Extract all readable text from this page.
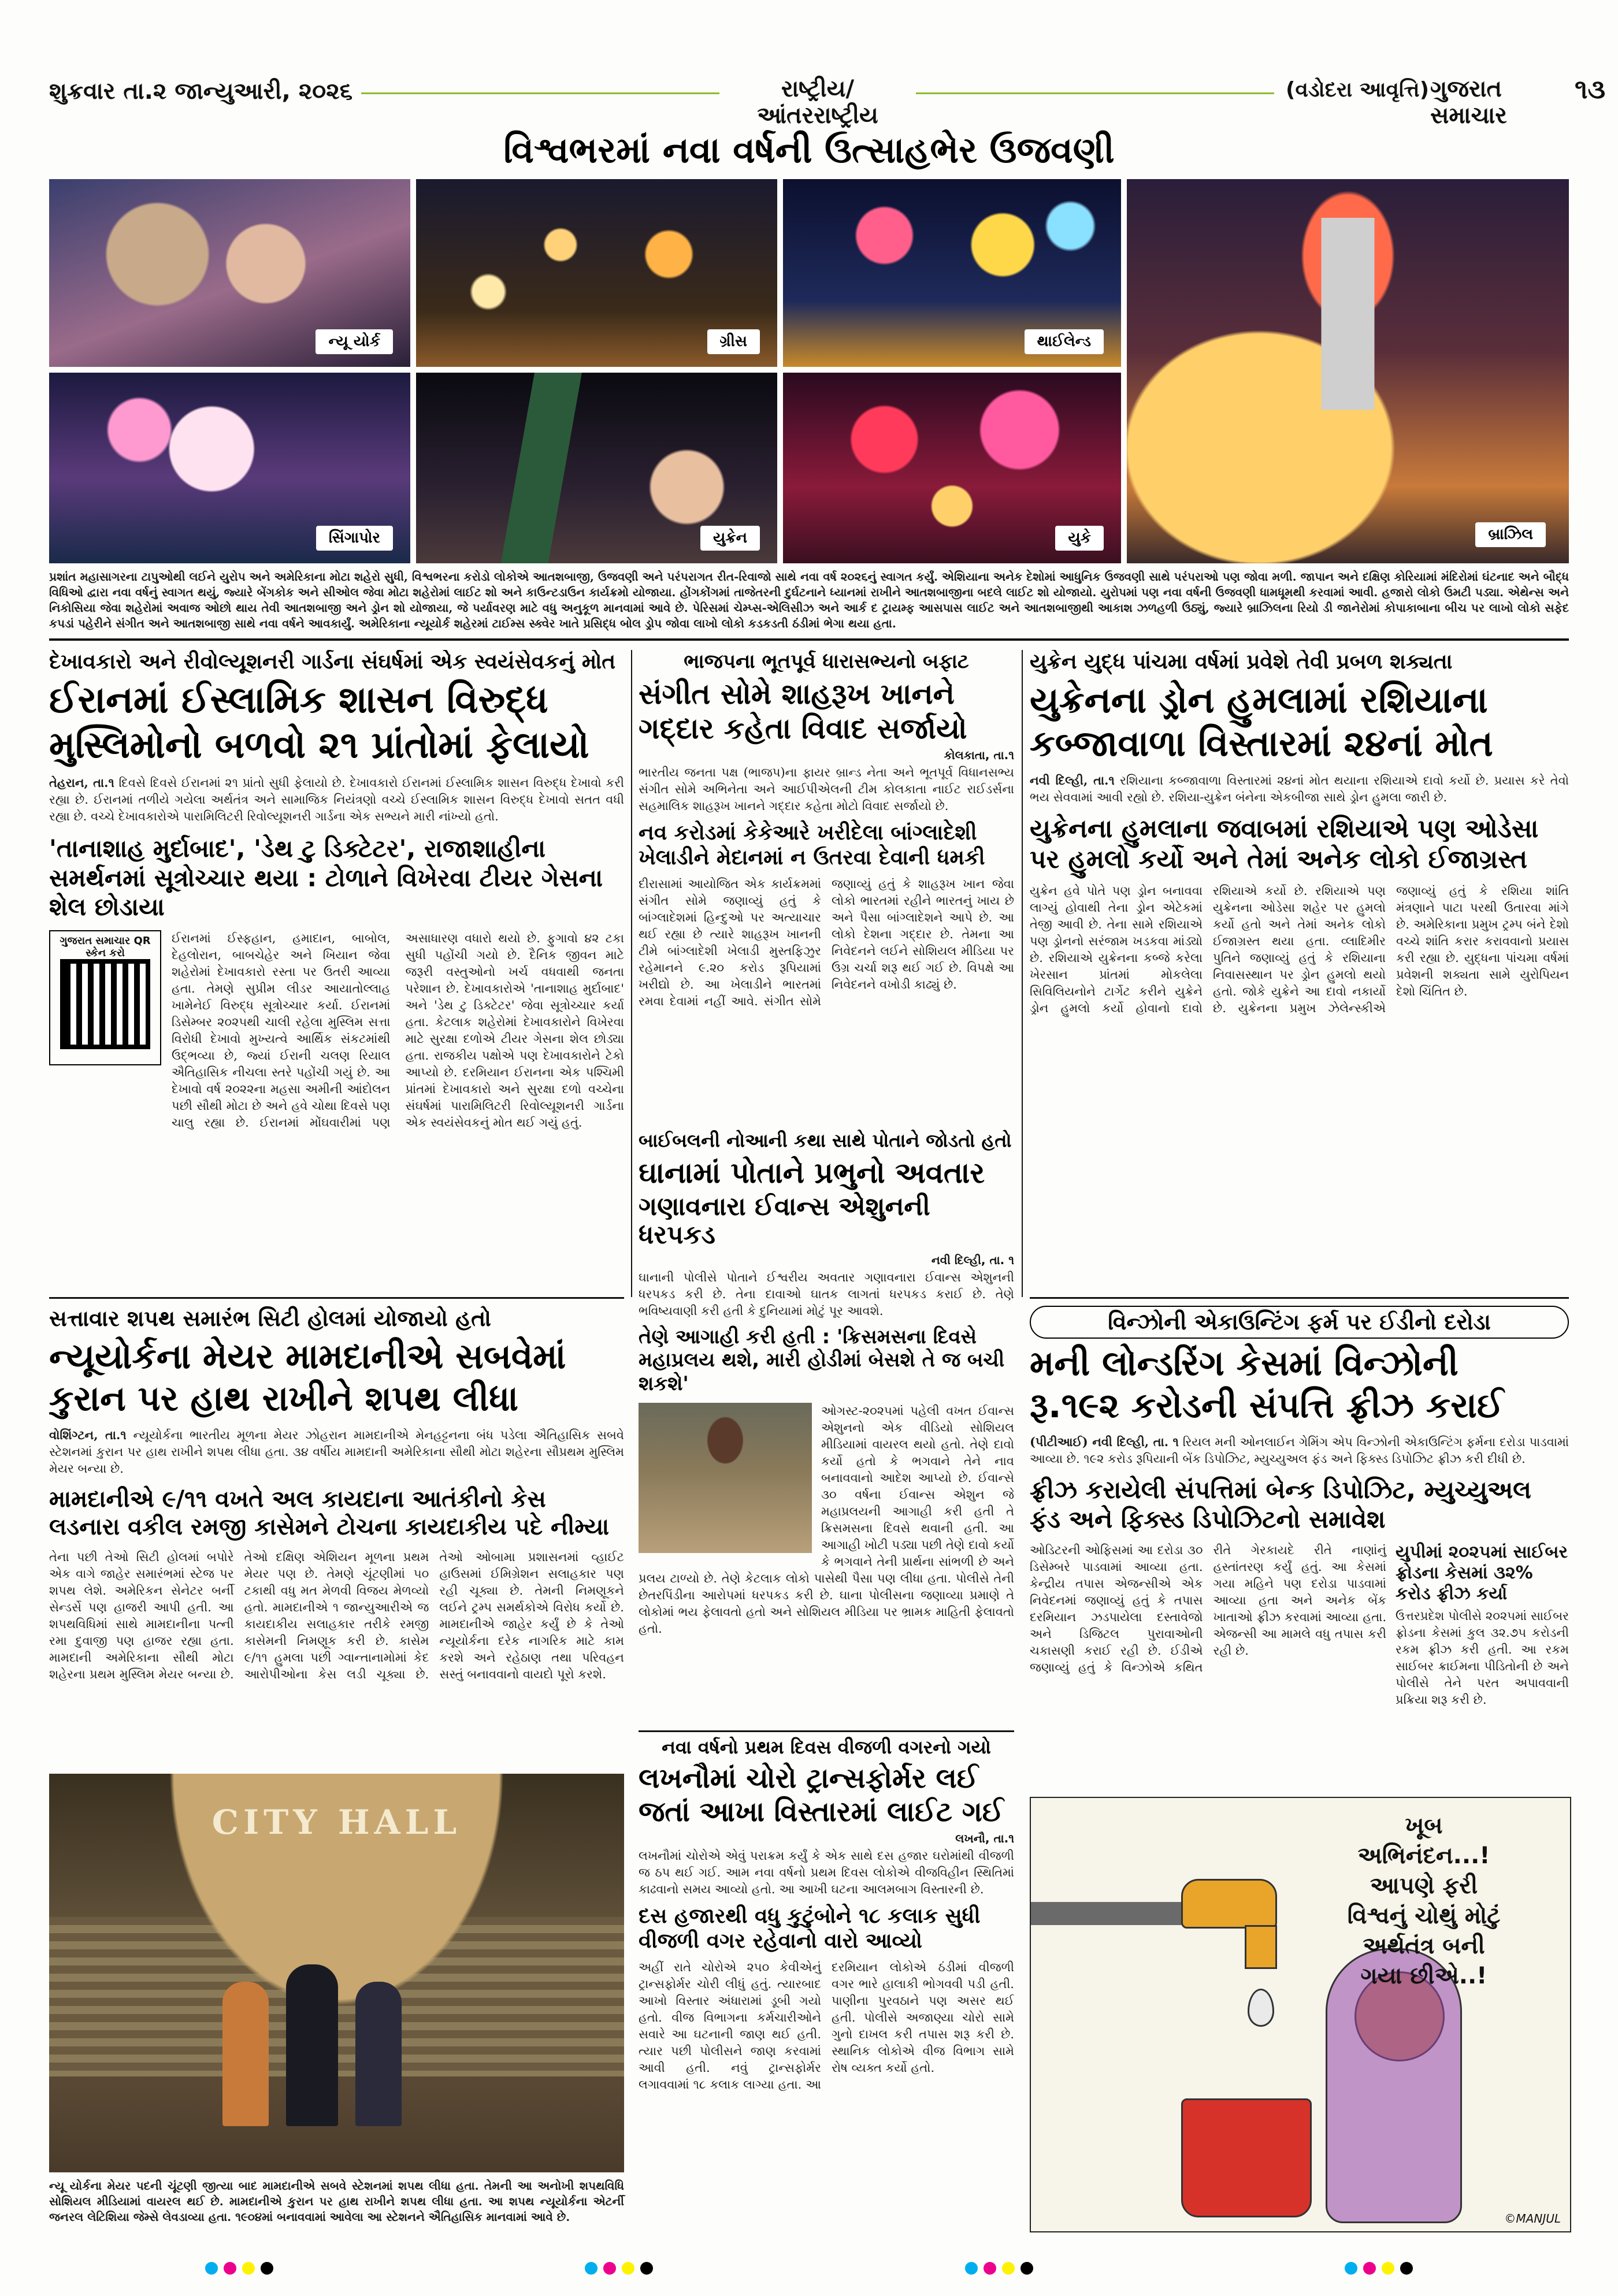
શુક્રવાર તા.૨ જાન્યુઆરી, ૨૦૨૬	રાષ્ટ્રીય/આંતરરાષ્ટ્રીય
(વડોદરા આવૃત્તિ) ગુજરાત સમાચાર
૧૩
વિશ્વભરમાં નવા વર્ષની ઉત્સાહભેર ઉજવણી
ન્યૂ યોર્ક	ગ્રીસ	થાઈલેન્ડ
બ્રાઝિલ
સિંગાપોર	યુક્રેન	યુકે

પ્રશાંત મહાસાગરના ટાપુઓથી લઈને યુરોપ અને અમેરિકાના મોટા શહેરો સુધી, વિશ્વભરના કરોડો લોકોએ આતશબાજી, ઉજવણી અને પરંપરાગત રીત-રિવાજો સાથે નવા વર્ષ ૨૦૨૬નું સ્વાગત કર્યું. એશિયાના અનેક દેશોમાં આધુનિક ઉજવણી સાથે પરંપરાઓ પણ જોવા મળી. જાપાન અને દક્ષિણ કોરિયામાં મંદિરોમાં ઘંટનાદ અને બૌદ્ધ વિધિઓ દ્વારા નવા વર્ષનું સ્વાગત થયું, જ્યારે બેંગકોક અને સીઓલ જેવા મોટા શહેરોમાં લાઈટ શો અને કાઉન્ટડાઉન કાર્યક્રમો યોજાયા. હોંગકોંગમાં તાજેતરની દુર્ઘટનાને ધ્યાનમાં રાખીને આતશબાજીના બદલે લાઈટ શો યોજાયો. યુરોપમાં પણ નવા વર્ષની ઉજવણી ધામધૂમથી કરવામાં આવી. હજારો લોકો ઉમટી પડ્યા. એથેન્સ અને નિકોસિયા જેવા શહેરોમાં અવાજ ઓછો થાય તેવી આતશબાજી અને ડ્રોન શો યોજાયા, જે પર્યાવરણ માટે વધુ અનુકૂળ માનવામાં આવે છે. પેરિસમાં ચેમ્પ્સ-એલિસીઝ અને આર્ક દ ટ્રાયમ્ફ આસપાસ લાઈટ અને આતશબાજીથી આકાશ ઝળહળી ઉઠ્યું, જ્યારે બ્રાઝિલના રિયો ડી જાનેરોમાં કોપાકાબાના બીચ પર લાખો લોકો સફેદ કપડાં પહેરીને સંગીત અને આતશબાજી સાથે નવા વર્ષને આવકાર્યું. અમેરિકાના ન્યૂયોર્ક શહેરમાં ટાઈમ્સ સ્ક્વેર ખાતે પ્રસિદ્ધ બોલ ડ્રોપ જોવા લાખો લોકો કડકડતી ઠંડીમાં ભેગા થયા હતા.

દેખાવકારો અને રીવોલ્યૂશનરી ગાર્ડના સંઘર્ષમાં એક સ્વયંસેવકનું મોત
ઈરાનમાં ઈસ્લામિક શાસન વિરુદ્ધ
મુસ્લિમોનો બળવો ૨૧ પ્રાંતોમાં ફેલાયો

તેહરાન, તા.૧ દિવસે દિવસે ઈરાનમાં ૨૧ પ્રાંતો સુધી ફેલાયો છે. દેખાવકારો ઈરાનમાં ઈસ્લામિક શાસન વિરુદ્ધ દેખાવો કરી રહ્યા છે. ઈરાનમાં તળીયે ગયેલા અર્થતંત્ર અને સામાજિક નિયંત્રણો વચ્ચે ઈસ્લામિક શાસન વિરુદ્ધ દેખાવો સતત વધી રહ્યા છે. વચ્ચે દેખાવકારોએ પારામિલિટરી રિવોલ્યૂશનરી ગાર્ડના એક સભ્યને મારી નાંખ્યો હતો.

'તાનાશાહ મુર્દાબાદ', 'ડેથ ટુ ડિક્ટેટર', રાજાશાહીના સમર્થનમાં સૂત્રોચ્ચાર થયા : ટોળાને વિખેરવા ટીયર ગેસના શેલ છોડાયા
ગુજરાત સમાચાર QR સ્કેન કરો

ઈરાનમાં ઈસ્ફહાન, હમાદાન, બાબોલ, દેહલોરાન, બાબચેહેર અને ખિયાન જેવા શહેરોમાં દેખાવકારો રસ્તા પર ઉતરી આવ્યા હતા. તેમણે સુપ્રીમ લીડર આયાતોલ્લાહ ખામેનેઈ વિરુદ્ધ સૂત્રોચ્ચાર કર્યા. ઈરાનમાં ડિસેમ્બર ૨૦૨૫થી ચાલી રહેલા મુસ્લિમ સત્તા વિરોધી દેખાવો મુખ્યત્વે આર્થિક સંકટમાંથી ઉદ્ભવ્યા છે, જ્યાં ઈરાની ચલણ રિયાલ ઐતિહાસિક નીચલા સ્તરે પહોંચી ગયું છે. આ દેખાવો વર્ષ ૨૦૨૨ના મહસા અમીની આંદોલન પછી સૌથી મોટા છે અને હવે ચોથા દિવસે પણ ચાલુ રહ્યા છે. ઈરાનમાં મોંઘવારીમાં પણ અસાધારણ વધારો થયો છે. ફુગાવો ૪૨ ટકા સુધી પહોંચી ગયો છે. દૈનિક જીવન માટે જરૂરી વસ્તુઓનો ખર્ચ વધવાથી જનતા પરેશાન છે. દેખાવકારોએ 'તાનાશાહ મુર્દાબાદ' અને 'ડેથ ટુ ડિક્ટેટર' જેવા સૂત્રોચ્ચાર કર્યા હતા. કેટલાક શહેરોમાં દેખાવકારોને વિખેરવા માટે સુરક્ષા દળોએ ટીયર ગેસના શેલ છોડ્યા હતા. રાજકીય પક્ષોએ પણ દેખાવકારોને ટેકો આપ્યો છે. દરમિયાન ઈરાનના એક પશ્ચિમી પ્રાંતમાં દેખાવકારો અને સુરક્ષા દળો વચ્ચેના સંઘર્ષમાં પારામિલિટરી રિવોલ્યૂશનરી ગાર્ડના એક સ્વયંસેવકનું મોત થઈ ગયું હતું.

ભાજપના ભૂતપૂર્વ ધારાસભ્યનો બફાટ
સંગીત સોમે શાહરૂખ ખાનને
ગદ્દાર કહેતા વિવાદ સર્જાયો
કોલકાતા, તા.૧

ભારતીય જનતા પક્ષ (ભાજપ)ના ફાયર બ્રાન્ડ નેતા અને ભૂતપૂર્વ વિધાનસભ્ય સંગીત સોમે અભિનેતા અને આઈપીએલની ટીમ કોલકાતા નાઈટ રાઈડર્સના સહમાલિક શાહરૂખ ખાનને ગદ્દાર કહેતા મોટો વિવાદ સર્જાયો છે.

નવ કરોડમાં કેકેઆરે ખરીદેલા બાંગ્લાદેશી ખેલાડીને મેદાનમાં ન ઉતરવા દેવાની ધમકી

દીરાસામાં આયોજિત એક કાર્યક્રમમાં સંગીત સોમે જણાવ્યું હતું કે બાંગ્લાદેશમાં હિન્દુઓ પર અત્યાચાર થઈ રહ્યા છે ત્યારે શાહરૂખ ખાનની ટીમે બાંગ્લાદેશી ખેલાડી મુસ્તફિઝુર રહેમાનને ૯.૨૦ કરોડ રૂપિયામાં ખરીદ્યો છે. આ ખેલાડીને ભારતમાં રમવા દેવામાં નહીં આવે. સંગીત સોમે જણાવ્યું હતું કે શાહરૂખ ખાન જેવા લોકો ભારતમાં રહીને ભારતનું ખાય છે અને પૈસા બાંગ્લાદેશને આપે છે. આ લોકો દેશના ગદ્દાર છે. તેમના આ નિવેદનને લઈને સોશિયલ મીડિયા પર ઉગ્ર ચર્ચા શરૂ થઈ ગઈ છે. વિપક્ષે આ નિવેદનને વખોડી કાઢ્યું છે.

યુક્રેન યુદ્ધ પાંચમા વર્ષમાં પ્રવેશે તેવી પ્રબળ શક્યતા
યુક્રેનના ડ્રોન હુમલામાં રશિયાના
કબ્જાવાળા વિસ્તારમાં ૨૪નાં મોત

નવી દિલ્હી, તા.૧ રશિયાના કબ્જાવાળા વિસ્તારમાં ૨૪નાં મોત થયાના રશિયાએ દાવો કર્યો છે. પ્રયાસ કરે તેવો ભય સેવવામાં આવી રહ્યો છે. રશિયા-યુક્રેન બંનેના એકબીજા સાથે ડ્રોન હુમલા જારી છે.

યુક્રેનના હુમલાના જવાબમાં રશિયાએ પણ ઓડેસા પર હુમલો કર્યો અને તેમાં અનેક લોકો ઈજાગ્રસ્ત

યુક્રેન હવે પોતે પણ ડ્રોન બનાવવા લાગ્યું હોવાથી તેના ડ્રોન એટેકમાં તેજી આવી છે. તેના સામે રશિયાએ પણ ડ્રોનનો સરંજામ ખડકવા માંડ્યો છે. રશિયાએ યુક્રેનના કબ્જે કરેલા ખેરસાન પ્રાંતમાં મોકલેલા સિવિલિયનોને ટાર્ગેટ કરીને યુક્રેને ડ્રોન હુમલો કર્યો હોવાનો દાવો રશિયાએ કર્યો છે. રશિયાએ પણ યુક્રેનના ઓડેસા શહેર પર હુમલો કર્યો હતો અને તેમાં અનેક લોકો ઈજાગ્રસ્ત થયા હતા. વ્લાદિમીર પુતિને જણાવ્યું હતું કે રશિયાના નિવાસસ્થાન પર ડ્રોન હુમલો થયો હતો. જોકે યુક્રેને આ દાવો નકાર્યો છે. યુક્રેનના પ્રમુખ ઝેલેન્સ્કીએ જણાવ્યું હતું કે રશિયા શાંતિ મંત્રણાને પાટા પરથી ઉતારવા માંગે છે. અમેરિકાના પ્રમુખ ટ્રમ્પ બંને દેશો વચ્ચે શાંતિ કરાર કરાવવાનો પ્રયાસ કરી રહ્યા છે. યુદ્ધના પાંચમા વર્ષમાં પ્રવેશની શક્યતા સામે યુરોપિયન દેશો ચિંતિત છે.

બાઈબલની નોઆની કથા સાથે પોતાને જોડતો હતો
ઘાનામાં પોતાને પ્રભુનો અવતાર
ગણાવનારા ઈવાન્સ એશુનની ધરપકડ
નવી દિલ્હી, તા. ૧

ઘાનાની પોલીસે પોતાને ઈશ્વરીય અવતાર ગણાવનારા ઈવાન્સ એશુનની ધરપકડ કરી છે. તેના દાવાઓ ઘાતક લાગતાં ધરપકડ કરાઈ છે. તેણે ભવિષ્યવાણી કરી હતી કે દુનિયામાં મોટું પૂર આવશે.

તેણે આગાહી કરી હતી : 'ક્રિસમસના દિવસે મહાપ્રલય થશે, મારી હોડીમાં બેસશે તે જ બચી શકશે'

ઓગસ્ટ-૨૦૨૫માં પહેલી વખત ઈવાન્સ એશુનનો એક વીડિયો સોશિયલ મીડિયામાં વાયરલ થયો હતો. તેણે દાવો કર્યો હતો કે ભગવાને તેને નાવ બનાવવાનો આદેશ આપ્યો છે. ઈવાન્સે ૩૦ વર્ષના ઈવાન્સ એશુન જે મહાપ્રલયની આગાહી કરી હતી તે ક્રિસમસના દિવસે થવાની હતી. આ આગાહી ખોટી પડ્યા પછી તેણે દાવો કર્યો કે ભગવાને તેની પ્રાર્થના સાંભળી છે અને પ્રલય ટાળ્યો છે. તેણે કેટલાક લોકો પાસેથી પૈસા પણ લીધા હતા. પોલીસે તેની છેતરપિંડીના આરોપમાં ધરપકડ કરી છે. ઘાના પોલીસના જણાવ્યા પ્રમાણે તે લોકોમાં ભય ફેલાવતો હતો અને સોશિયલ મીડિયા પર ભ્રામક માહિતી ફેલાવતો હતો.

સત્તાવાર શપથ સમારંભ સિટી હોલમાં યોજાયો હતો
ન્યૂયોર્કના મેયર મામદાનીએ સબવેમાં
કુરાન પર હાથ રાખીને શપથ લીધા

વોશિંગ્ટન, તા.૧ ન્યૂયોર્કના ભારતીય મૂળના મેયર ઝોહરાન મામદાનીએ મેનહટ્ટનના બંધ પડેલા ઐતિહાસિક સબવે સ્ટેશનમાં કુરાન પર હાથ રાખીને શપથ લીધા હતા. ૩૪ વર્ષીય મામદાની અમેરિકાના સૌથી મોટા શહેરના સૌપ્રથમ મુસ્લિમ મેયર બન્યા છે.

મામદાનીએ ૯/૧૧ વખતે અલ કાયદાના આતંકીનો કેસ લડનારા વકીલ રમજી કાસેમને ટોચના કાયદાકીય પદે નીમ્યા

તેના પછી તેઓ સિટી હોલમાં બપોરે એક વાગે જાહેર સમારંભમાં સ્ટેજ પર શપથ લેશે. અમેરિકન સેનેટર બર્ની સેન્ડર્સે પણ હાજરી આપી હતી. આ શપથવિધિમાં સાથે મામદાનીના પત્ની રમા દુવાજી પણ હાજર રહ્યા હતા. મામદાની અમેરિકાના સૌથી મોટા શહેરના પ્રથમ મુસ્લિમ મેયર બન્યા છે. તેઓ દક્ષિણ એશિયન મૂળના પ્રથમ મેયર પણ છે. તેમણે ચૂંટણીમાં ૫૦ ટકાથી વધુ મત મેળવી વિજય મેળવ્યો હતો. મામદાનીએ ૧ જાન્યુઆરીએ જ કાયદાકીય સલાહકાર તરીકે રમજી કાસેમની નિમણૂક કરી છે. કાસેમ ૯/૧૧ હુમલા પછી ગ્વાન્તાનામોમાં કેદ આરોપીઓના કેસ લડી ચૂક્યા છે. તેઓ ઓબામા પ્રશાસનમાં વ્હાઈટ હાઉસમાં ઈમિગ્રેશન સલાહકાર પણ રહી ચૂક્યા છે. તેમની નિમણૂકને લઈને ટ્રમ્પ સમર્થકોએ વિરોધ કર્યો છે. મામદાનીએ જાહેર કર્યું છે કે તેઓ ન્યૂયોર્કના દરેક નાગરિક માટે કામ કરશે અને રહેઠાણ તથા પરિવહન સસ્તું બનાવવાનો વાયદો પૂરો કરશે.

CITY HALL

ન્યૂ યોર્કના મેયર પદની ચૂંટણી જીત્યા બાદ મામદાનીએ સબવે સ્ટેશનમાં શપથ લીધા હતા. તેમની આ અનોખી શપથવિધિ સોશિયલ મીડિયામાં વાયરલ થઈ છે. મામદાનીએ કુરાન પર હાથ રાખીને શપથ લીધા હતા. આ શપથ ન્યૂયોર્કના એટર્ની જનરલ લેટિશિયા જેમ્સે લેવડાવ્યા હતા. ૧૯૦૪માં બનાવવામાં આવેલા આ સ્ટેશનને ઐતિહાસિક માનવામાં આવે છે.

વિન્ઝોની એકાઉન્ટિંગ ફર્મ પર ઈડીનો દરોડા
મની લોન્ડરિંગ કેસમાં વિન્ઝોની
રૂ.૧૯૨ કરોડની સંપત્તિ ફ્રીઝ કરાઈ

(પીટીઆઈ) નવી દિલ્હી, તા. ૧ રિયલ મની ઓનલાઈન ગેમિંગ એપ વિન્ઝોની એકાઉન્ટિંગ ફર્મના દરોડા પાડવામાં આવ્યા છે. ૧૯૨ કરોડ રૂપિયાની બેંક ડિપોઝિટ, મ્યુચ્યુઅલ ફંડ અને ફિક્સ્ડ ડિપોઝિટ ફ્રીઝ કરી દીધી છે.

ફ્રીઝ કરાયેલી સંપત્તિમાં બેન્ક ડિપોઝિટ, મ્યુચ્યુઅલ ફંડ અને ફિક્સ્ડ ડિપોઝિટનો સમાવેશ
યુપીમાં ૨૦૨૫માં સાઈબર ફ્રોડના કેસમાં ૩૨% કરોડ ફ્રીઝ કર્યા

ઉત્તરપ્રદેશ પોલીસે ૨૦૨૫માં સાઈબર ફ્રોડના કેસમાં કુલ ૩૨.૭૫ કરોડની રકમ ફ્રીઝ કરી હતી. આ રકમ સાઈબર ક્રાઈમના પીડિતોની છે અને પોલીસે તેને પરત અપાવવાની પ્રક્રિયા શરૂ કરી છે.

ઓડિટરની ઓફિસમાં આ દરોડા ૩૦ ડિસેમ્બરે પાડવામાં આવ્યા હતા. કેન્દ્રીય તપાસ એજન્સીએ એક નિવેદનમાં જણાવ્યું હતું કે તપાસ દરમિયાન ઝડપાયેલા દસ્તાવેજો અને ડિજિટલ પુરાવાઓની ચકાસણી કરાઈ રહી છે. ઈડીએ જણાવ્યું હતું કે વિન્ઝોએ કથિત રીતે ગેરકાયદે રીતે નાણાંનું હસ્તાંતરણ કર્યું હતું. આ કેસમાં ગયા મહિને પણ દરોડા પાડવામાં આવ્યા હતા અને અનેક બેંક ખાતાઓ ફ્રીઝ કરવામાં આવ્યા હતા. એજન્સી આ મામલે વધુ તપાસ કરી રહી છે.

નવા વર્ષનો પ્રથમ દિવસ વીજળી વગરનો ગયો
લખનૌમાં ચોરો ટ્રાન્સફોર્મર લઈ
જતાં આખા વિસ્તારમાં લાઈટ ગઈ
લખનૌ, તા.૧

લખનૌમાં ચોરોએ એવું પરાક્રમ કર્યું કે એક સાથે દસ હજાર ઘરોમાંથી વીજળી જ ઠપ થઈ ગઈ. આમ નવા વર્ષનો પ્રથમ દિવસ લોકોએ વીજવિહીન સ્થિતિમાં કાઢવાનો સમય આવ્યો હતો. આ આખી ઘટના આલમબાગ વિસ્તારની છે.

દસ હજારથી વધુ કુટુંબોને ૧૮ કલાક સુધી વીજળી વગર રહેવાનો વારો આવ્યો

અહીં રાતે ચોરોએ ૨૫૦ કેવીએનું ટ્રાન્સફોર્મર ચોરી લીધું હતું. ત્યારબાદ આખો વિસ્તાર અંધારામાં ડૂબી ગયો હતો. વીજ વિભાગના કર્મચારીઓને સવારે આ ઘટનાની જાણ થઈ હતી. ત્યાર પછી પોલીસને જાણ કરવામાં આવી હતી. નવું ટ્રાન્સફોર્મર લગાવવામાં ૧૮ કલાક લાગ્યા હતા. આ દરમિયાન લોકોએ ઠંડીમાં વીજળી વગર ભારે હાલાકી ભોગવવી પડી હતી. પાણીના પુરવઠાને પણ અસર થઈ હતી. પોલીસે અજાણ્યા ચોરો સામે ગુનો દાખલ કરી તપાસ શરૂ કરી છે. સ્થાનિક લોકોએ વીજ વિભાગ સામે રોષ વ્યક્ત કર્યો હતો.

ખૂબ
અભિનંદન...!
આપણે ફરી
વિશ્વનું ચોથું મોટું
અર્થતંત્ર બની
ગયા છીએ..!
©MANJUL
